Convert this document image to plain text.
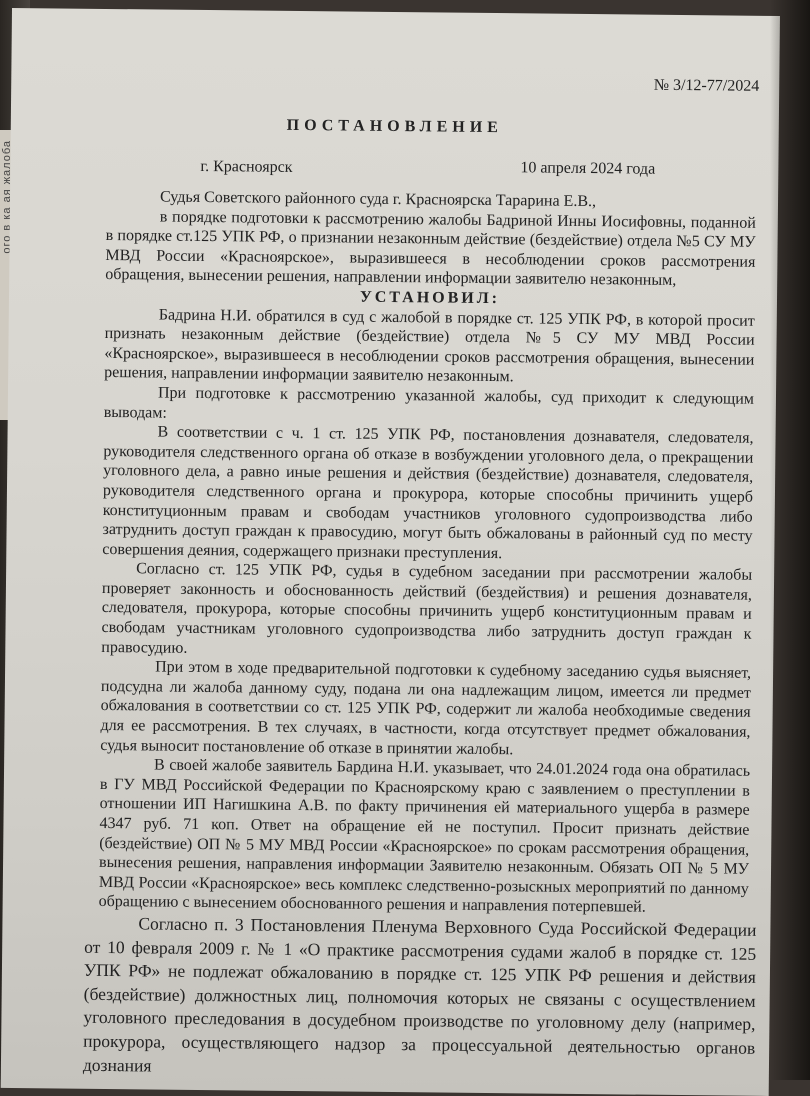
ого в ка ая жалоба
№ 3/12-77/2024
ПОСТАНОВЛЕНИЕ
г. Красноярск	10 апреля 2024 года

Судья Советского районного суда г. Красноярска Тарарина Е.В.,

в порядке подготовки к рассмотрению жалобы Бадриной Инны Иосифовны, поданной в порядке ст.125 УПК РФ, о признании незаконным действие (бездействие) отдела №5 СУ МУ МВД России «Красноярское», выразившееся в несоблюдении сроков рассмотрения обращения, вынесении решения, направлении информации заявителю незаконным,

УСТАНОВИЛ:

Бадрина Н.И. обратился в суд с жалобой в порядке ст. 125 УПК РФ, в которой просит признать незаконным действие (бездействие) отдела №5 СУ МУ МВД России «Красноярское», выразившееся в несоблюдении сроков рассмотрения обращения, вынесении решения, направлении информации заявителю незаконным.

При подготовке к рассмотрению указанной жалобы, суд приходит к следующим выводам:

В соответствии с ч. 1 ст. 125 УПК РФ, постановления дознавателя, следователя, руководителя следственного органа об отказе в возбуждении уголовного дела, о прекращении уголовного дела, а равно иные решения и действия (бездействие) дознавателя, следователя, руководителя следственного органа и прокурора, которые способны причинить ущерб конституционным правам и свободам участников уголовного судопроизводства либо затруднить доступ граждан к правосудию, могут быть обжалованы в районный суд по месту совершения деяния, содержащего признаки преступления.

Согласно ст. 125 УПК РФ, судья в судебном заседании при рассмотрении жалобы проверяет законность и обоснованность действий (бездействия) и решения дознавателя, следователя, прокурора, которые способны причинить ущерб конституционным правам и свободам участникам уголовного судопроизводства либо затруднить доступ граждан к правосудию.

При этом в ходе предварительной подготовки к судебному заседанию судья выясняет, подсудна ли жалоба данному суду, подана ли она надлежащим лицом, имеется ли предмет обжалования в соответствии со ст. 125 УПК РФ, содержит ли жалоба необходимые сведения для ее рассмотрения. В тех случаях, в частности, когда отсутствует предмет обжалования, судья выносит постановление об отказе в принятии жалобы.

В своей жалобе заявитель Бардина Н.И. указывает, что 24.01.2024 года она обратилась в ГУ МВД Российской Федерации по Красноярскому краю с заявлением о преступлении в отношении ИП Нагишкина А.В. по факту причинения ей материального ущерба в размере 4347 руб. 71 коп. Ответ на обращение ей не поступил. Просит признать действие (бездействие) ОП № 5 МУ МВД России «Красноярское» по срокам рассмотрения обращения, вынесения решения, направления информации Заявителю незаконным. Обязать ОП № 5 МУ МВД России «Красноярское» весь комплекс следственно-розыскных мероприятий по данному обращению с вынесением обоснованного решения и направления потерпевшей.

Согласно п. 3 Постановления Пленума Верховного Суда Российской Федерации от 10 февраля 2009 г. № 1 «О практике рассмотрения судами жалоб в порядке ст. 125 УПК РФ» не подлежат обжалованию в порядке ст. 125 УПК РФ решения и действия (бездействие) должностных лиц, полномочия которых не связаны с осуществлением уголовного преследования в досудебном производстве по уголовному делу (например, прокурора, осуществляющего надзор за процессуальной деятельностью органов дознания
